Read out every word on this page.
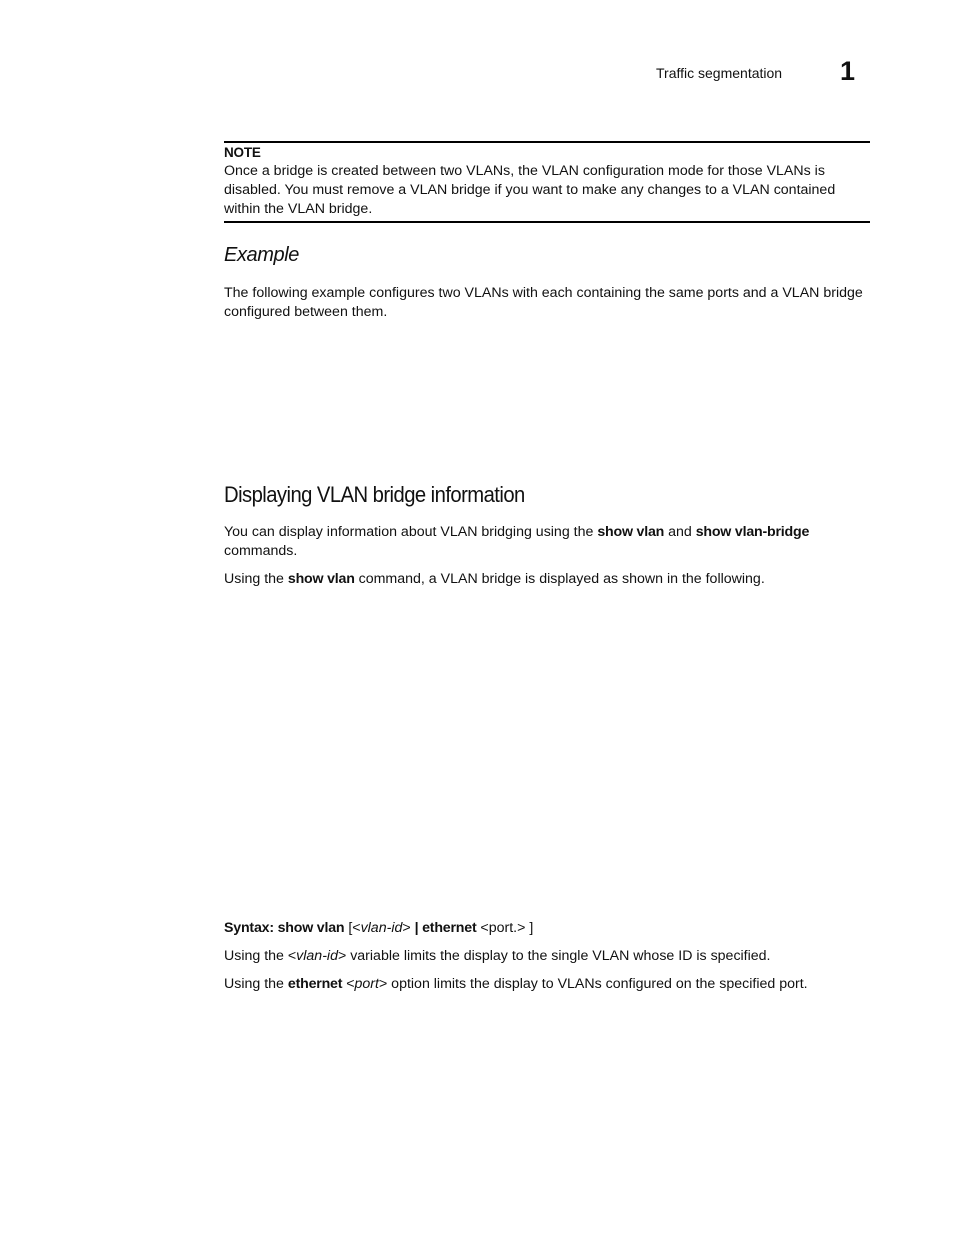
Traffic segmentation 1
NOTE
Once a bridge is created between two VLANs, the VLAN configuration mode for those VLANs is disabled. You must remove a VLAN bridge if you want to make any changes to a VLAN contained within the VLAN bridge.
Example
The following example configures two VLANs with each containing the same ports and a VLAN bridge configured between them.
Displaying VLAN bridge information
You can display information about VLAN bridging using the show vlan and show vlan-bridge commands.
Using the show vlan command, a VLAN bridge is displayed as shown in the following.
Syntax: show vlan [<vlan-id> | ethernet <port.> ]
Using the <vlan-id> variable limits the display to the single VLAN whose ID is specified.
Using the ethernet <port> option limits the display to VLANs configured on the specified port.
